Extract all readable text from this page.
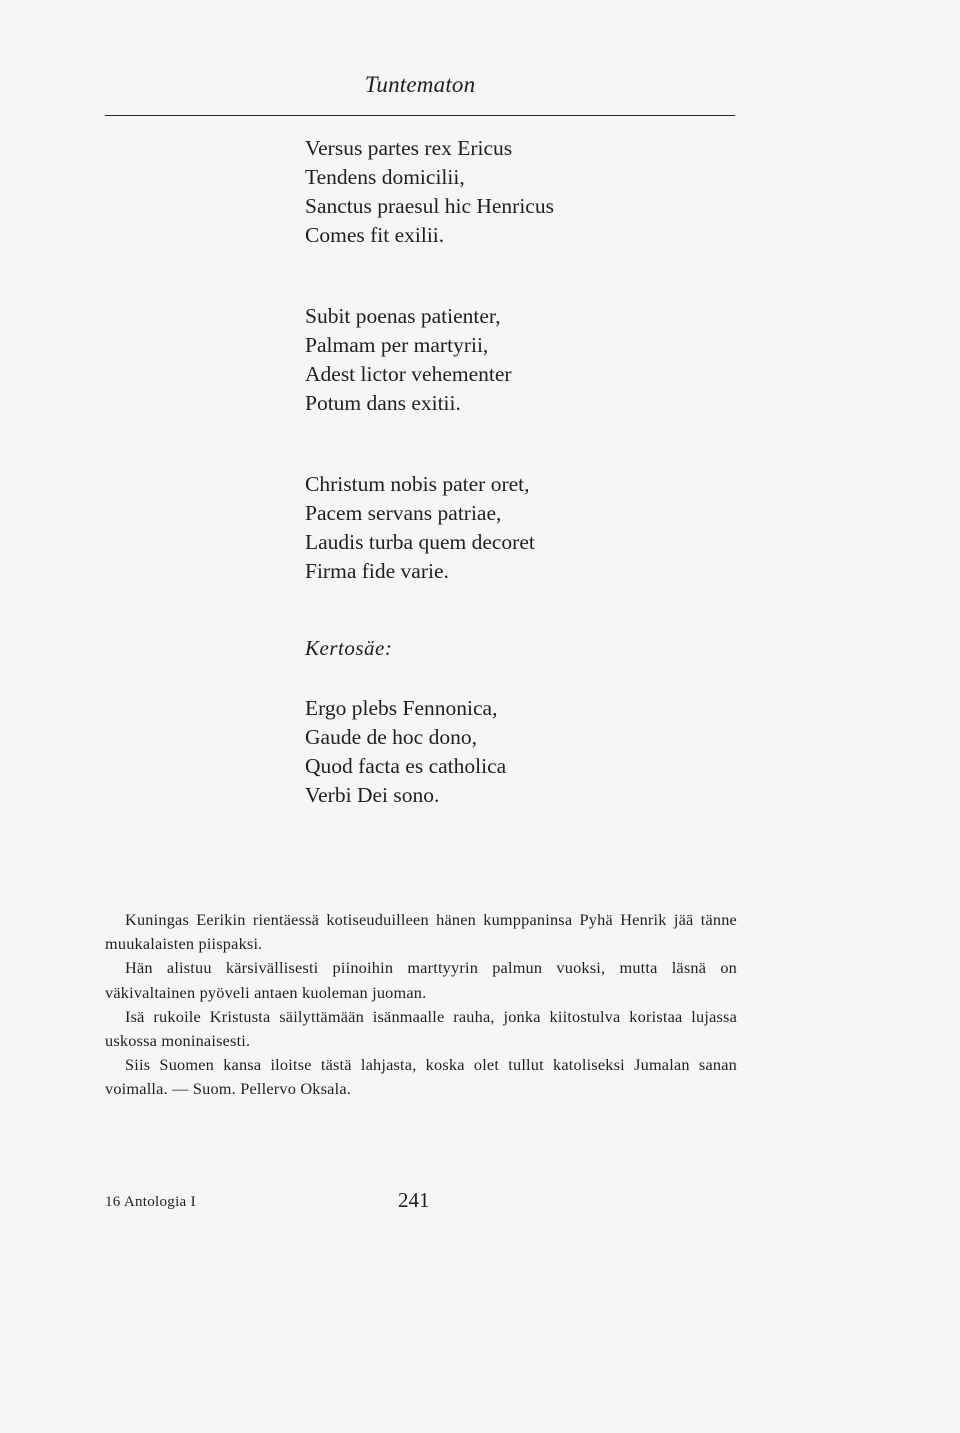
Tuntematon
Versus partes rex Ericus
Tendens domicilii,
Sanctus praesul hic Henricus
Comes fit exilii.
Subit poenas patienter,
Palmam per martyrii,
Adest lictor vehementer
Potum dans exitii.
Christum nobis pater oret,
Pacem servans patriae,
Laudis turba quem decoret
Firma fide varie.
Kertosäe:
Ergo plebs Fennonica,
Gaude de hoc dono,
Quod facta es catholica
Verbi Dei sono.

Kuningas Eerikin rientäessä kotiseuduilleen hänen kumppaninsa Pyhä Henrik jää tänne muukalaisten piispaksi.

Hän alistuu kärsivällisesti piinoihin marttyyrin palmun vuoksi, mutta läsnä on väkivaltainen pyöveli antaen kuoleman juoman.

Isä rukoile Kristusta säilyttämään isänmaalle rauha, jonka kiitostulva koristaa lujassa uskossa moninaisesti.

Siis Suomen kansa iloitse tästä lahjasta, koska olet tullut katoliseksi Jumalan sanan voimalla. — Suom. Pellervo Oksala.

16 Antologia I	241
